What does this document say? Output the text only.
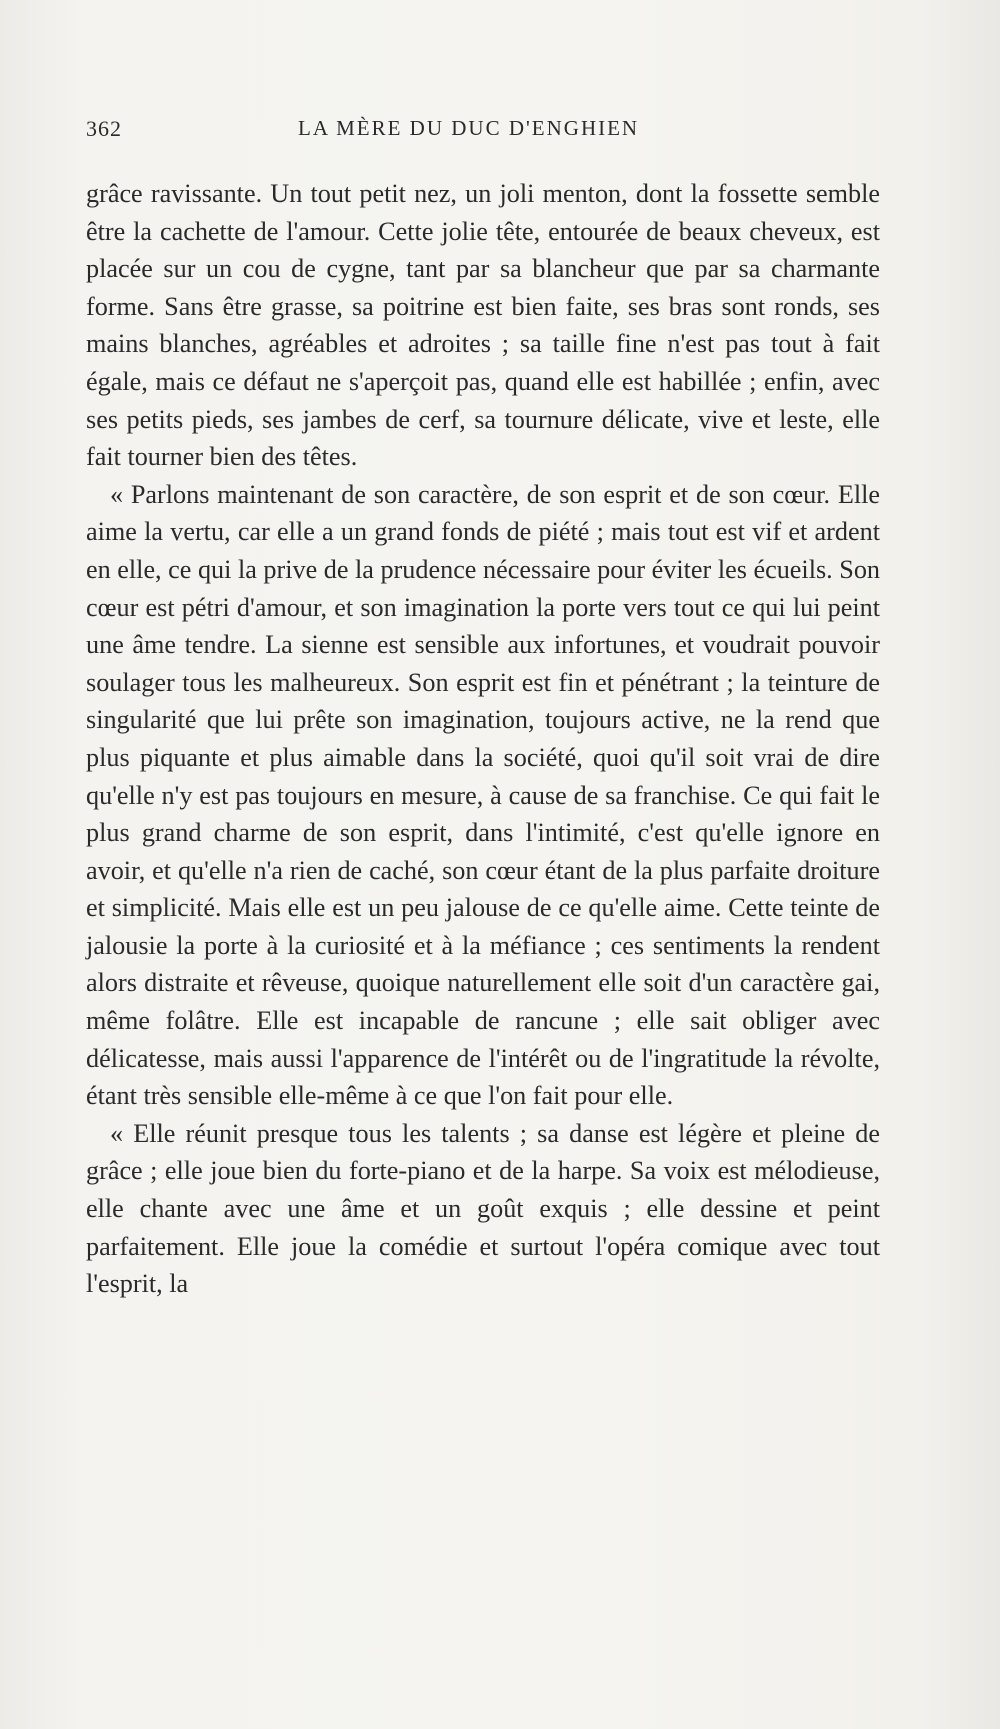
362	LA MÈRE DU DUC D'ENGHIEN

grâce ravissante. Un tout petit nez, un joli menton, dont la fossette semble être la cachette de l'amour. Cette jolie tête, entourée de beaux cheveux, est placée sur un cou de cygne, tant par sa blancheur que par sa charmante forme. Sans être grasse, sa poitrine est bien faite, ses bras sont ronds, ses mains blanches, agréables et adroites ; sa taille fine n'est pas tout à fait égale, mais ce défaut ne s'aperçoit pas, quand elle est habillée ; enfin, avec ses petits pieds, ses jambes de cerf, sa tournure délicate, vive et leste, elle fait tourner bien des têtes.

« Parlons maintenant de son caractère, de son esprit et de son cœur. Elle aime la vertu, car elle a un grand fonds de piété ; mais tout est vif et ardent en elle, ce qui la prive de la prudence nécessaire pour éviter les écueils. Son cœur est pétri d'amour, et son imagination la porte vers tout ce qui lui peint une âme tendre. La sienne est sensible aux infortunes, et voudrait pouvoir soulager tous les malheureux. Son esprit est fin et pénétrant ; la teinture de singularité que lui prête son imagination, toujours active, ne la rend que plus piquante et plus aimable dans la société, quoi qu'il soit vrai de dire qu'elle n'y est pas toujours en mesure, à cause de sa franchise. Ce qui fait le plus grand charme de son esprit, dans l'intimité, c'est qu'elle ignore en avoir, et qu'elle n'a rien de caché, son cœur étant de la plus parfaite droiture et simplicité. Mais elle est un peu jalouse de ce qu'elle aime. Cette teinte de jalousie la porte à la curiosité et à la méfiance ; ces sentiments la rendent alors distraite et rêveuse, quoique naturellement elle soit d'un caractère gai, même folâtre. Elle est incapable de rancune ; elle sait obliger avec délicatesse, mais aussi l'apparence de l'intérêt ou de l'ingratitude la révolte, étant très sensible elle-même à ce que l'on fait pour elle.

« Elle réunit presque tous les talents ; sa danse est légère et pleine de grâce ; elle joue bien du forte-piano et de la harpe. Sa voix est mélodieuse, elle chante avec une âme et un goût exquis ; elle dessine et peint parfaitement. Elle joue la comédie et surtout l'opéra comique avec tout l'esprit, la
